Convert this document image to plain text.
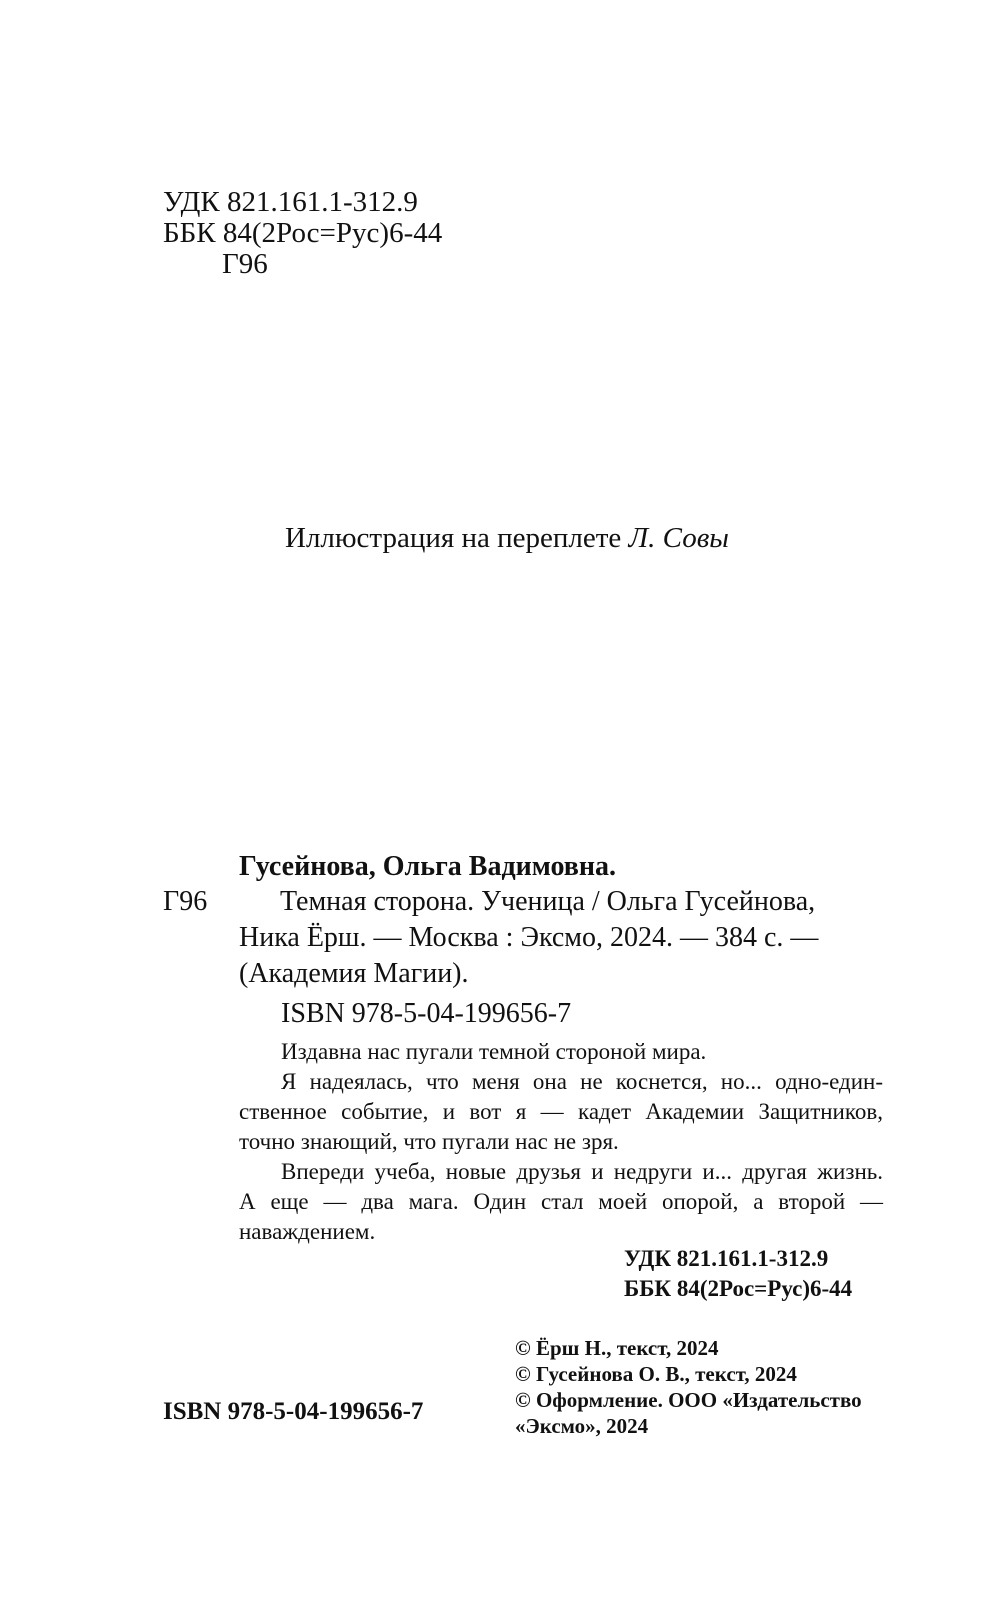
УДК 821.161.1-312.9
ББК 84(2Рос=Рус)6-44
Г96
Иллюстрация на переплете Л. Совы
Гусейнова, Ольга Вадимовна.
Г96	Темная сторона. Ученица / Ольга Гусейнова,
Ника Ёрш. — Москва : Эксмо, 2024. — 384 с. —
(Академия Магии).
ISBN 978-5-04-199656-7
Издавна нас пугали темной стороной мира.
Я надеялась, что меня она не коснется, но... одно-един-
ственное событие, и вот я — кадет Академии Защитников,
точно знающий, что пугали нас не зря.
Впереди учеба, новые друзья и недруги и... другая жизнь.
А еще — два мага. Один стал моей опорой, а второй —
наваждением.
УДК 821.161.1-312.9
ББК 84(2Рос=Рус)6-44
© Ёрш Н., текст, 2024
© Гусейнова О. В., текст, 2024
© Оформление. ООО «Издательство
«Эксмо», 2024
ISBN 978-5-04-199656-7
